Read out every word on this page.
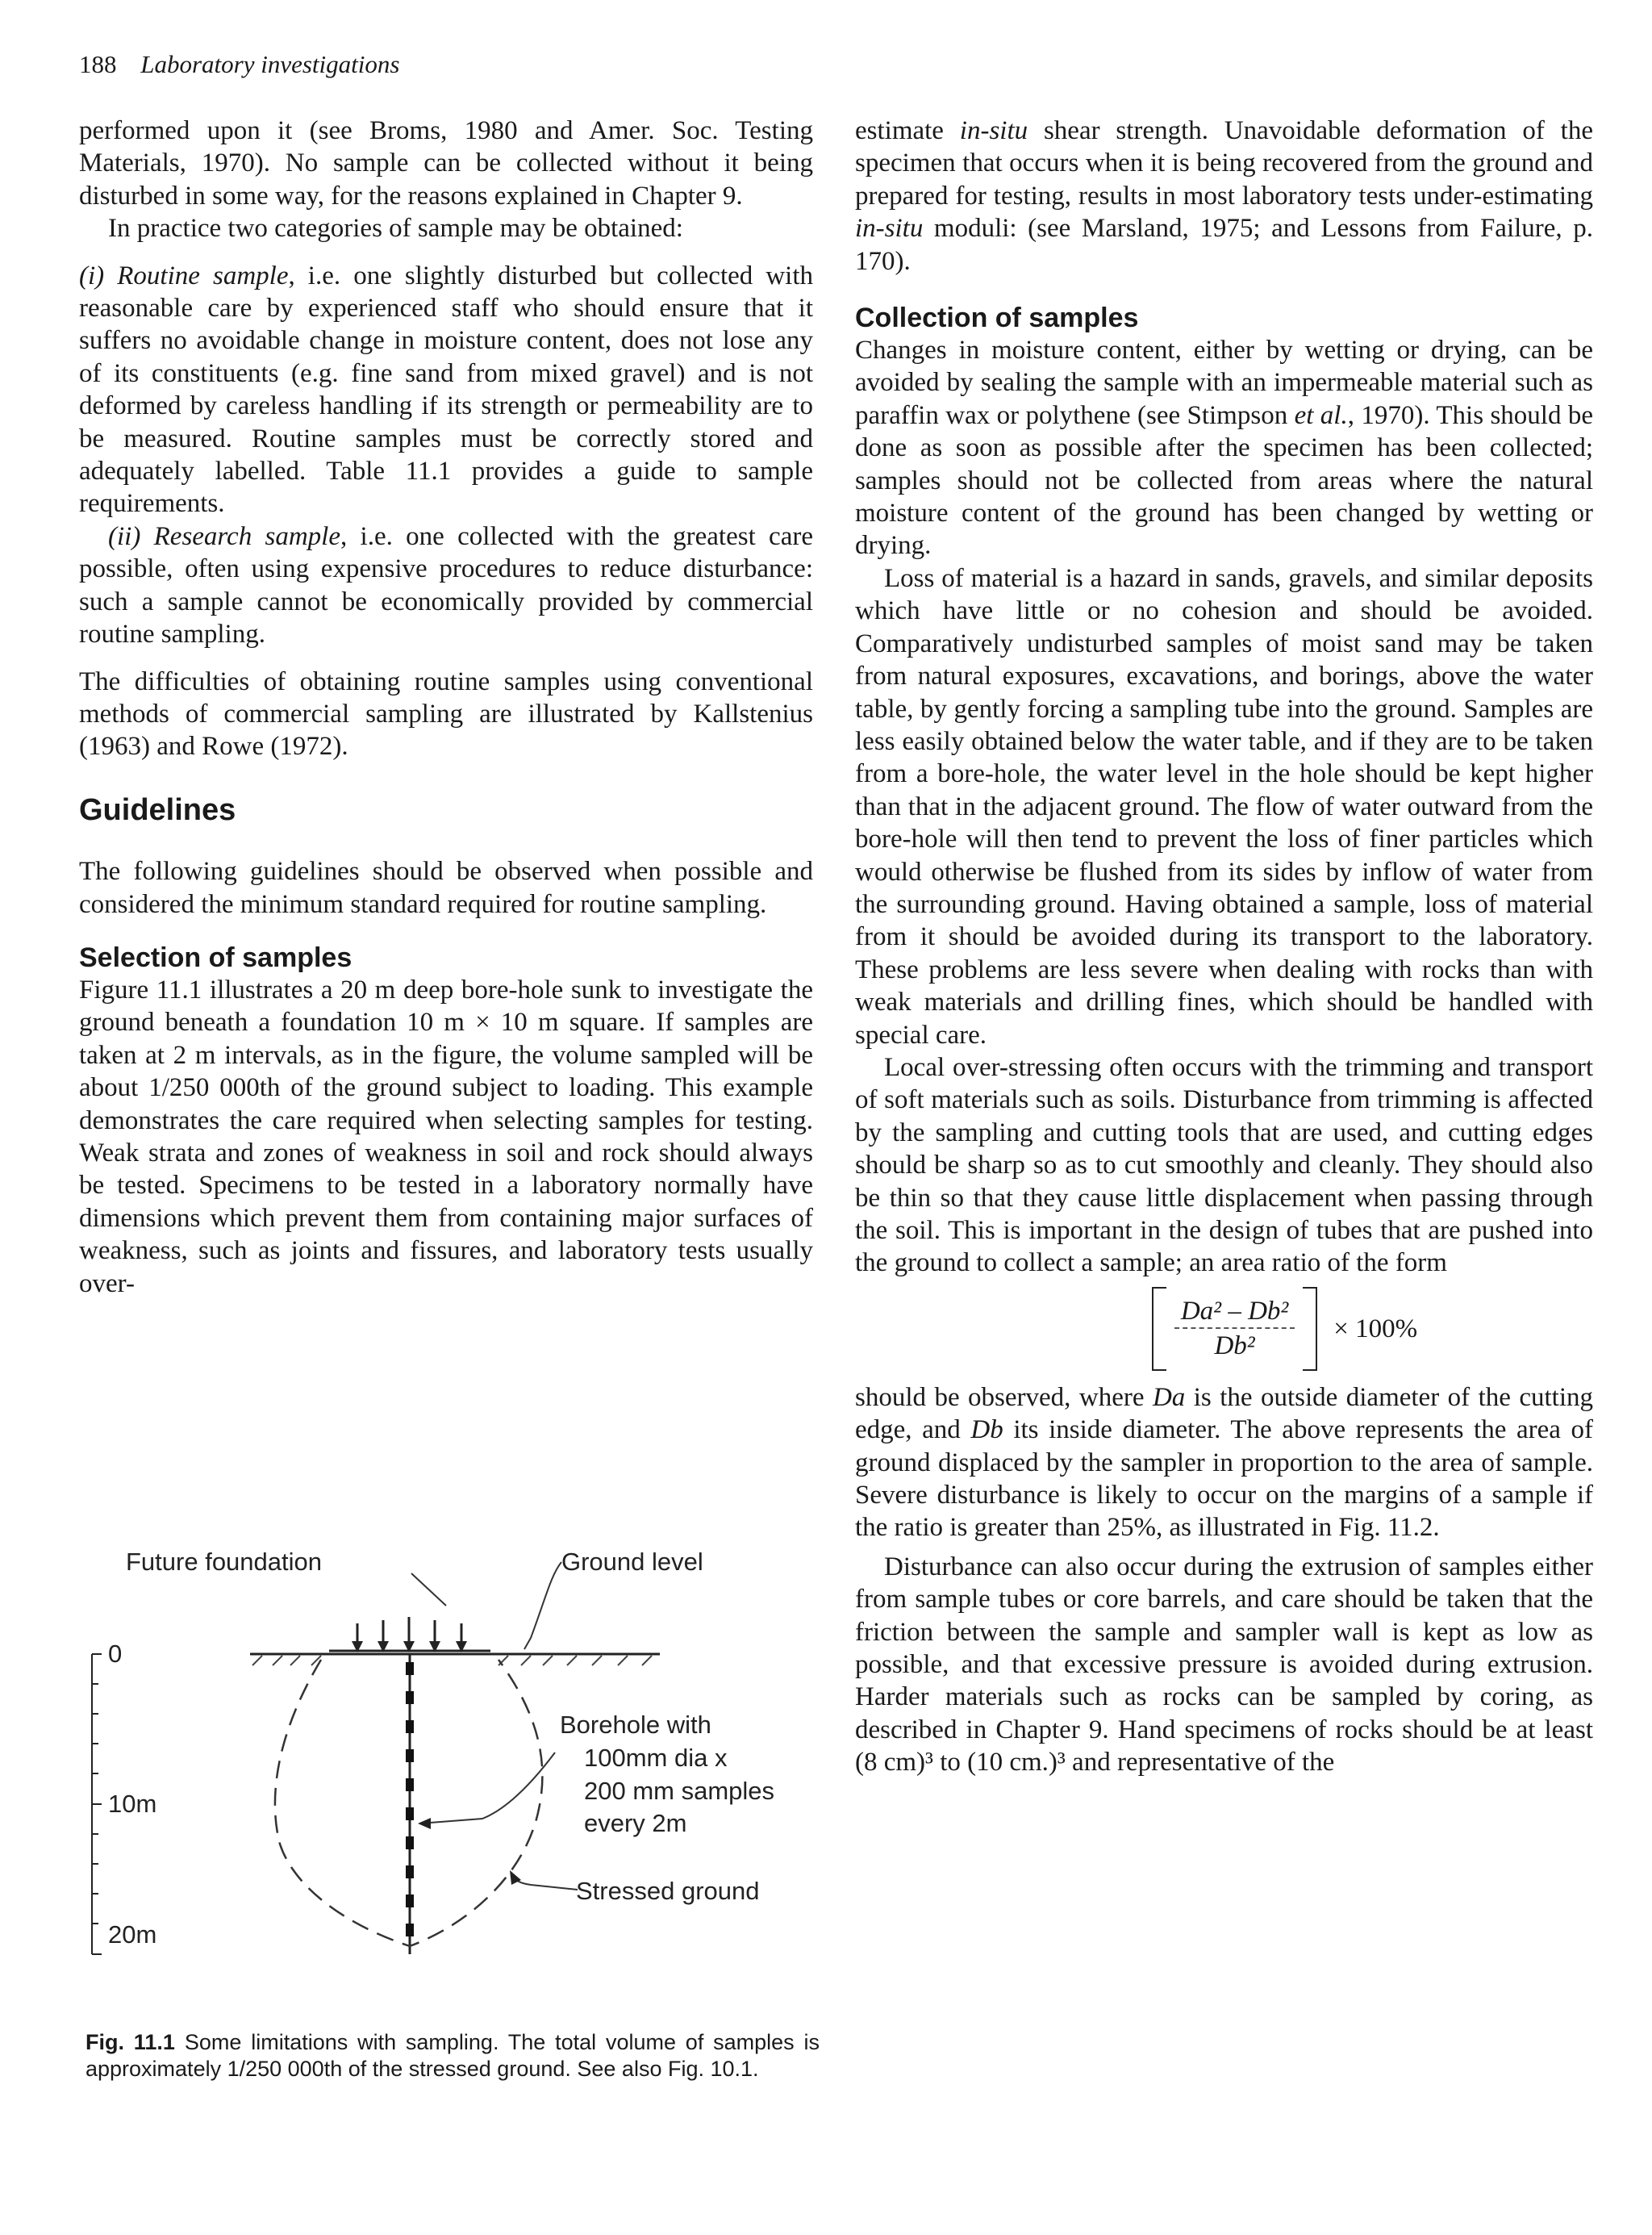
188 Laboratory investigations

performed upon it (see Broms, 1980 and Amer. Soc. Testing Materials, 1970). No sample can be collected without it being disturbed in some way, for the reasons explained in Chapter 9.

In practice two categories of sample may be obtained:

(i) Routine sample, i.e. one slightly disturbed but collected with reasonable care by experienced staff who should ensure that it suffers no avoidable change in moisture content, does not lose any of its constituents (e.g. fine sand from mixed gravel) and is not deformed by careless handling if its strength or permeability are to be measured. Routine samples must be correctly stored and adequately labelled. Table 11.1 provides a guide to sample requirements.

(ii) Research sample, i.e. one collected with the greatest care possible, often using expensive procedures to reduce disturbance: such a sample cannot be economically provided by commercial routine sampling.

The difficulties of obtaining routine samples using conventional methods of commercial sampling are illustrated by Kallstenius (1963) and Rowe (1972).

Guidelines

The following guidelines should be observed when possible and considered the minimum standard required for routine sampling.

Selection of samples

Figure 11.1 illustrates a 20 m deep bore-hole sunk to investigate the ground beneath a foundation 10 m × 10 m square. If samples are taken at 2 m intervals, as in the figure, the volume sampled will be about 1/250 000th of the ground subject to loading. This example demonstrates the care required when selecting samples for testing. Weak strata and zones of weakness in soil and rock should always be tested. Specimens to be tested in a laboratory normally have dimensions which prevent them from containing major surfaces of weakness, such as joints and fissures, and laboratory tests usually over-

Future foundation	Ground level
Borehole with
100mm dia x
200 mm samples
every 2m
Stressed ground
0
10m
20m
Fig. 11.1 Some limitations with sampling. The total volume of samples is approximately 1/250 000th of the stressed ground. See also Fig. 10.1.

estimate in-situ shear strength. Unavoidable deformation of the specimen that occurs when it is being recovered from the ground and prepared for testing, results in most laboratory tests under-estimating in-situ moduli: (see Marsland, 1975; and Lessons from Failure, p. 170).

Collection of samples

Changes in moisture content, either by wetting or drying, can be avoided by sealing the sample with an impermeable material such as paraffin wax or polythene (see Stimpson et al., 1970). This should be done as soon as possible after the specimen has been collected; samples should not be collected from areas where the natural moisture content of the ground has been changed by wetting or drying.

Loss of material is a hazard in sands, gravels, and similar deposits which have little or no cohesion and should be avoided. Comparatively undisturbed samples of moist sand may be taken from natural exposures, excavations, and borings, above the water table, by gently forcing a sampling tube into the ground. Samples are less easily obtained below the water table, and if they are to be taken from a bore-hole, the water level in the hole should be kept higher than that in the adjacent ground. The flow of water outward from the bore-hole will then tend to prevent the loss of finer particles which would otherwise be flushed from its sides by inflow of water from the surrounding ground. Having obtained a sample, loss of material from it should be avoided during its transport to the laboratory. These problems are less severe when dealing with rocks than with weak materials and drilling fines, which should be handled with special care.

Local over-stressing often occurs with the trimming and transport of soft materials such as soils. Disturbance from trimming is affected by the sampling and cutting tools that are used, and cutting edges should be sharp so as to cut smoothly and cleanly. They should also be thin so that they cause little displacement when passing through the soil. This is important in the design of tubes that are pushed into the ground to collect a sample; an area ratio of the form

$\frac{\text{Da² – Db²}}{\text{Db²}} \times 100\%$

should be observed, where Da is the outside diameter of the cutting edge, and Db its inside diameter. The above represents the area of ground displaced by the sampler in proportion to the area of sample. Severe disturbance is likely to occur on the margins of a sample if the ratio is greater than 25%, as illustrated in Fig. 11.2.

Disturbance can also occur during the extrusion of samples either from sample tubes or core barrels, and care should be taken that the friction between the sample and sampler wall is kept as low as possible, and that excessive pressure is avoided during extrusion. Harder materials such as rocks can be sampled by coring, as described in Chapter 9. Hand specimens of rocks should be at least (8 cm)³ to (10 cm.)³ and representative of the
